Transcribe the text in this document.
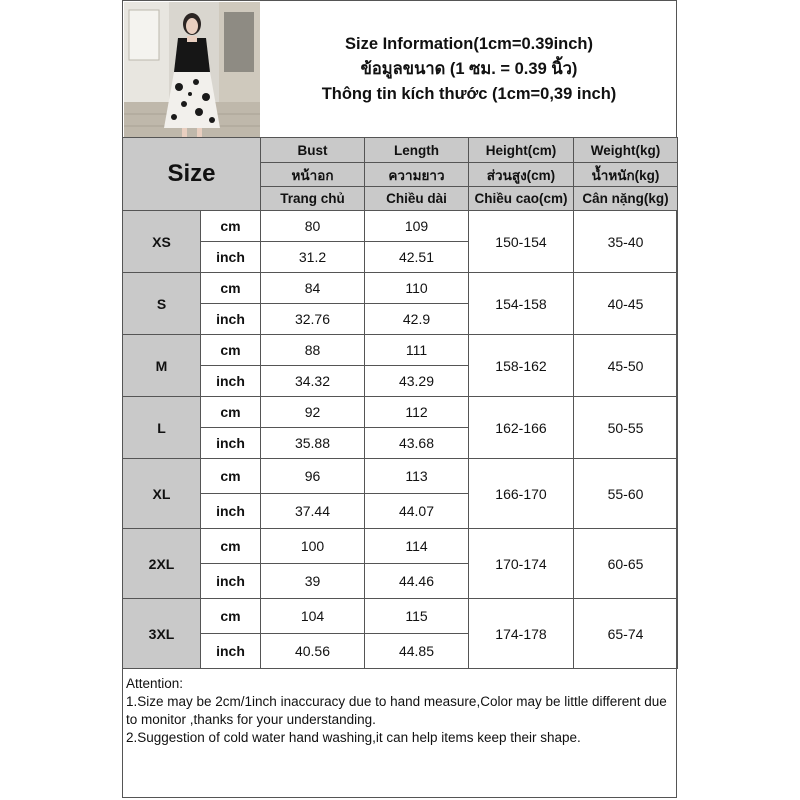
Size Information(1cm=0.39inch)
ข้อมูลขนาด (1 ซม. = 0.39 นิ้ว)
Thông tin kích thước (1cm=0,39 inch)
Size		Bust	Length	Height(cm)	Weight(kg)
		หน้าอก	ความยาว	ส่วนสูง(cm)	น้ำหนัก(kg)
		Trang chủ	Chiều dài	Chiều cao(cm)	Cân nặng(kg)
XS	cm	80	109	150-154	35-40
	inch	31.2	42.51		
S	cm	84	110	154-158	40-45
	inch	32.76	42.9		
M	cm	88	111	158-162	45-50
	inch	34.32	43.29		
L	cm	92	112	162-166	50-55
	inch	35.88	43.68		
XL	cm	96	113	166-170	55-60
	inch	37.44	44.07		
2XL	cm	100	114	170-174	60-65
	inch	39	44.46		
3XL	cm	104	115	174-178	65-74
	inch	40.56	44.85		
Attention:
1.Size may be 2cm/1inch inaccuracy due to hand measure,Color may be little different due to monitor ,thanks for your understanding.
2.Suggestion of cold water hand washing,it can help items keep their shape.
